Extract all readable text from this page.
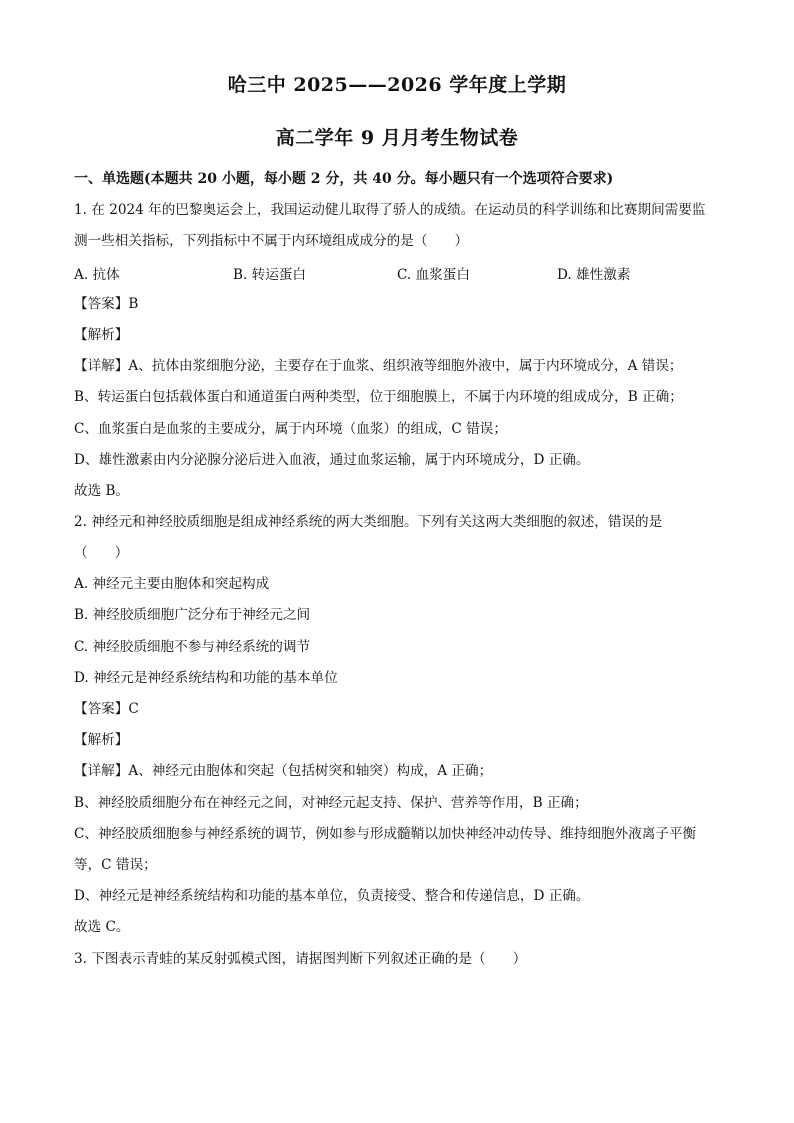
哈三中 2025——2026 学年度上学期
高二学年 9 月月考生物试卷
一、单选题(本题共 20 小题，每小题 2 分，共 40 分。每小题只有一个选项符合要求)
1. 在 2024 年的巴黎奥运会上，我国运动健儿取得了骄人的成绩。在运动员的科学训练和比赛期间需要监
测一些相关指标，下列指标中不属于内环境组成成分的是（　　）
A. 抗体	B. 转运蛋白	C. 血浆蛋白	D. 雄性激素
【答案】B
【解析】
【详解】A、抗体由浆细胞分泌，主要存在于血浆、组织液等细胞外液中，属于内环境成分，A 错误；
B、转运蛋白包括载体蛋白和通道蛋白两种类型，位于细胞膜上，不属于内环境的组成成分，B 正确；
C、血浆蛋白是血浆的主要成分，属于内环境（血浆）的组成，C 错误；
D、雄性激素由内分泌腺分泌后进入血液，通过血浆运输，属于内环境成分，D 正确。
故选 B。
2. 神经元和神经胶质细胞是组成神经系统的两大类细胞。下列有关这两大类细胞的叙述，错误的是
（　　）
A. 神经元主要由胞体和突起构成
B. 神经胶质细胞广泛分布于神经元之间
C. 神经胶质细胞不参与神经系统的调节
D. 神经元是神经系统结构和功能的基本单位
【答案】C
【解析】
【详解】A、神经元由胞体和突起（包括树突和轴突）构成，A 正确；
B、神经胶质细胞分布在神经元之间，对神经元起支持、保护、营养等作用，B 正确；
C、神经胶质细胞参与神经系统的调节，例如参与形成髓鞘以加快神经冲动传导、维持细胞外液离子平衡
等，C 错误；
D、神经元是神经系统结构和功能的基本单位，负责接受、整合和传递信息，D 正确。
故选 C。
3. 下图表示青蛙的某反射弧模式图，请据图判断下列叙述正确的是（　　）
